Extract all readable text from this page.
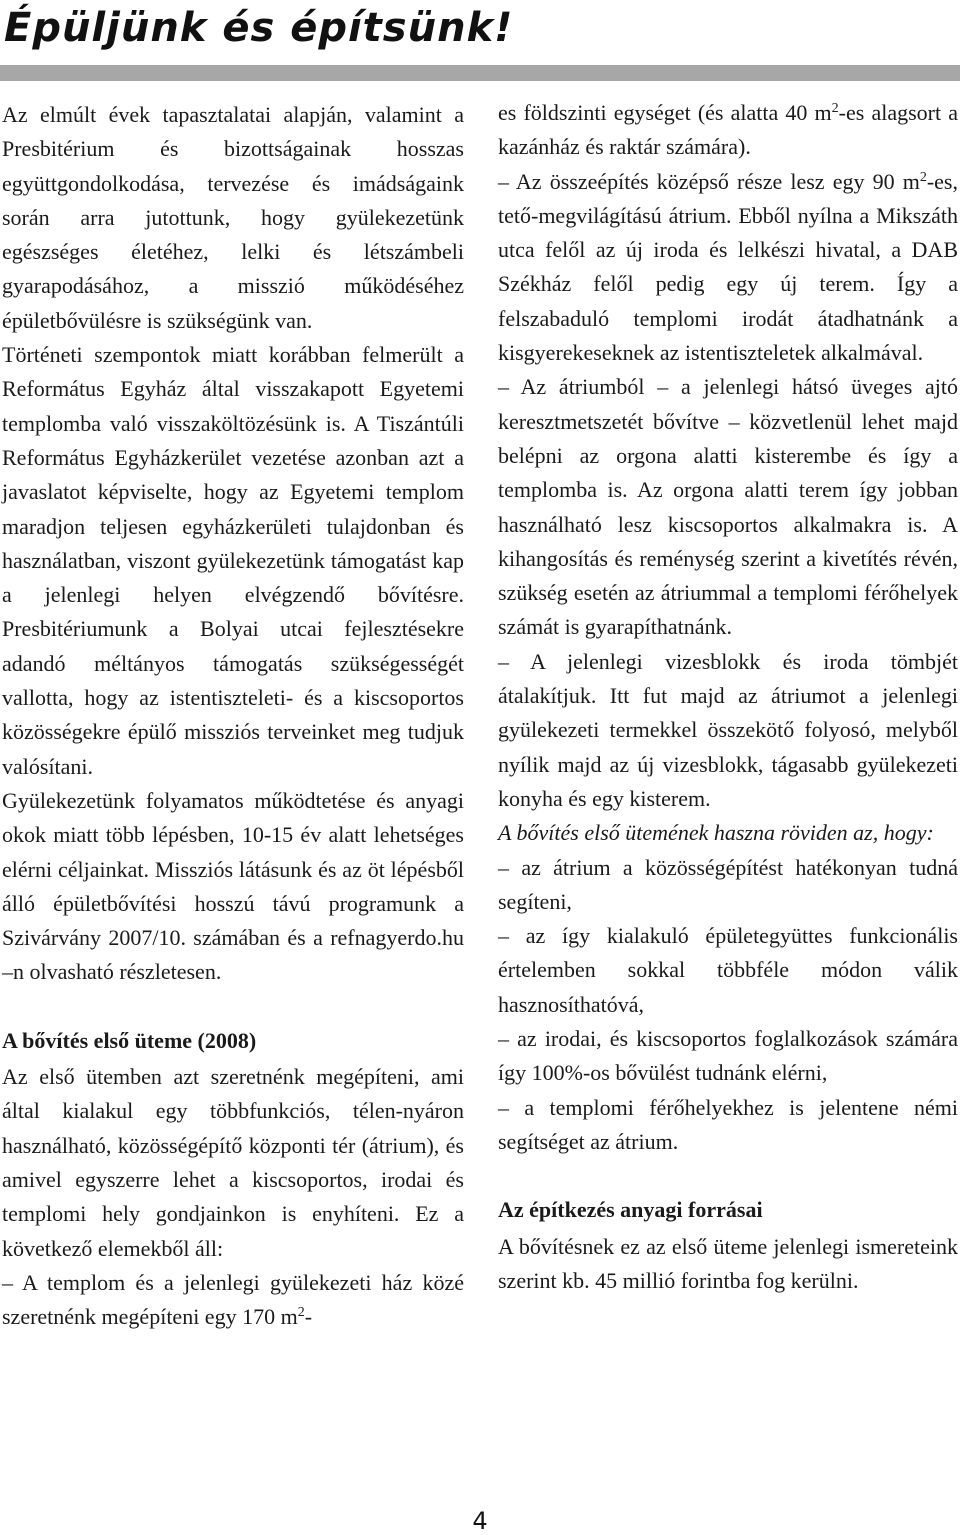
Épüljünk és építsünk!

Az elmúlt évek tapasztalatai alapján, valamint a Presbitérium és bizottságainak hosszas együttgondolkodása, tervezése és imádságaink során arra jutottunk, hogy gyülekezetünk egészséges életéhez, lelki és létszámbeli gyarapodásához, a misszió működéséhez épületbővülésre is szükségünk van.

Történeti szempontok miatt korábban felmerült a Református Egyház által visszakapott Egyetemi templomba való visszaköltözésünk is. A Tiszántúli Református Egyházkerület vezetése azonban azt a javaslatot képviselte, hogy az Egyetemi templom maradjon teljesen egyházkerületi tulajdonban és használatban, viszont gyülekezetünk támogatást kap a jelenlegi helyen elvégzendő bővítésre. Presbitériumunk a Bolyai utcai fejlesztésekre adandó méltányos támogatás szükségességét vallotta, hogy az istentiszteleti- és a kiscsoportos közösségekre épülő missziós terveinket meg tudjuk valósítani.

Gyülekezetünk folyamatos működtetése és anyagi okok miatt több lépésben, 10-15 év alatt lehetséges elérni céljainkat. Missziós látásunk és az öt lépésből álló épületbővítési hosszú távú programunk a Szivárvány 2007/10. számában és a refnagyerdo.hu –n olvasható részletesen.

A bővítés első üteme (2008)

Az első ütemben azt szeretnénk megépíteni, ami által kialakul egy többfunkciós, télen-nyáron használható, közösségépítő központi tér (átrium), és amivel egyszerre lehet a kiscsoportos, irodai és templomi hely gondjainkon is enyhíteni. Ez a következő elemekből áll:

– A templom és a jelenlegi gyülekezeti ház közé szeretnénk megépíteni egy 170 $m^2-$

es földszinti egységet (és alatta 40 $m^2-es$ alagsort a kazánház és raktár számára).

– Az összeépítés középső része lesz egy 90 $m^2-es$, tető-megvilágítású átrium. Ebből nyílna a Mikszáth utca felől az új iroda és lelkészi hivatal, a DAB Székház felől pedig egy új terem. Így a felszabaduló templomi irodát átadhatnánk a kisgyerekeseknek az istentiszteletek alkalmával.

– Az átriumból – a jelenlegi hátsó üveges ajtó keresztmetszetét bővítve – közvetlenül lehet majd belépni az orgona alatti kisterembe és így a templomba is. Az orgona alatti terem így jobban használható lesz kiscsoportos alkalmakra is. A kihangosítás és reménység szerint a kivetítés révén, szükség esetén az átriummal a templomi férőhelyek számát is gyarapíthatnánk.

– A jelenlegi vizesblokk és iroda tömbjét átalakítjuk. Itt fut majd az átriumot a jelenlegi gyülekezeti termekkel összekötő folyosó, melyből nyílik majd az új vizesblokk, tágasabb gyülekezeti konyha és egy kisterem.

A bővítés első ütemének haszna röviden az, hogy:

– az átrium a közösségépítést hatékonyan tudná segíteni,

– az így kialakuló épületegyüttes funkcionális értelemben sokkal többféle módon válik hasznosíthatóvá,

– az irodai, és kiscsoportos foglalkozások számára így 100%-os bővülést tudnánk elérni,

– a templomi férőhelyekhez is jelentene némi segítséget az átrium.

Az építkezés anyagi forrásai

A bővítésnek ez az első üteme jelenlegi ismereteink szerint kb. 45 millió forintba fog kerülni.

4
